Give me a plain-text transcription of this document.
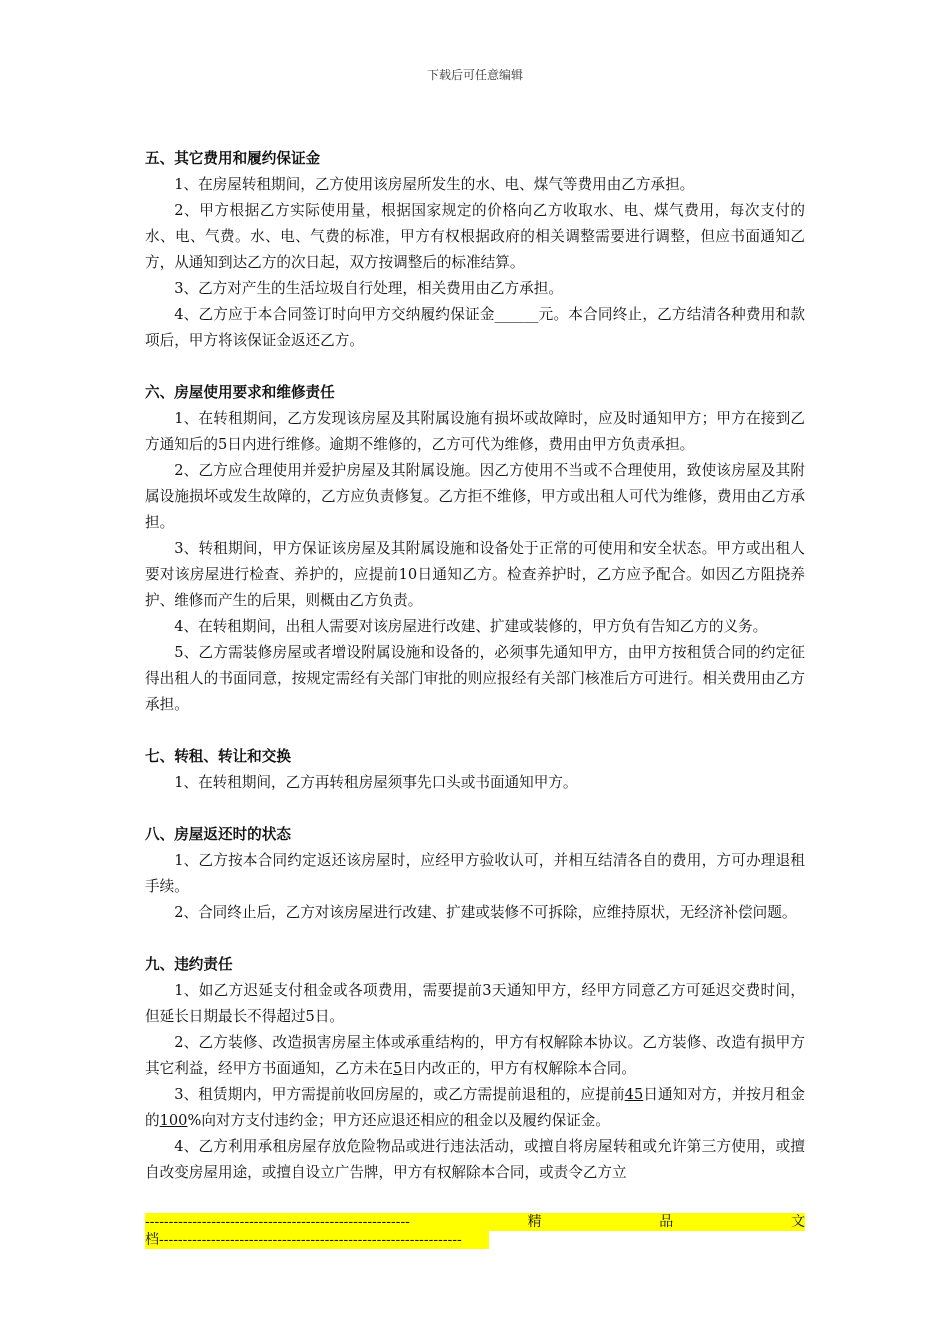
下载后可任意编辑
五、其它费用和履约保证金
1、在房屋转租期间，乙方使用该房屋所发生的水、电、煤气等费用由乙方承担。
2、甲方根据乙方实际使用量，根据国家规定的价格向乙方收取水、电、煤气费用，每次支付的水、电、气费。水、电、气费的标准，甲方有权根据政府的相关调整需要进行调整，但应书面通知乙方，从通知到达乙方的次日起，双方按调整后的标准结算。
3、乙方对产生的生活垃圾自行处理，相关费用由乙方承担。
4、乙方应于本合同签订时向甲方交纳履约保证金______元。本合同终止，乙方结清各种费用和款项后，甲方将该保证金返还乙方。
六、房屋使用要求和维修责任
1、在转租期间，乙方发现该房屋及其附属设施有损坏或故障时，应及时通知甲方；甲方在接到乙方通知后的5日内进行维修。逾期不维修的，乙方可代为维修，费用由甲方负责承担。
2、乙方应合理使用并爱护房屋及其附属设施。因乙方使用不当或不合理使用，致使该房屋及其附属设施损坏或发生故障的，乙方应负责修复。乙方拒不维修，甲方或出租人可代为维修，费用由乙方承担。
3、转租期间，甲方保证该房屋及其附属设施和设备处于正常的可使用和安全状态。甲方或出租人要对该房屋进行检查、养护的，应提前10日通知乙方。检查养护时，乙方应予配合。如因乙方阻挠养护、维修而产生的后果，则概由乙方负责。
4、在转租期间，出租人需要对该房屋进行改建、扩建或装修的，甲方负有告知乙方的义务。
5、乙方需装修房屋或者增设附属设施和设备的，必须事先通知甲方，由甲方按租赁合同的约定征得出租人的书面同意，按规定需经有关部门审批的则应报经有关部门核准后方可进行。相关费用由乙方承担。
七、转租、转让和交换
1、在转租期间，乙方再转租房屋须事先口头或书面通知甲方。
八、房屋返还时的状态
1、乙方按本合同约定返还该房屋时，应经甲方验收认可，并相互结清各自的费用，方可办理退租手续。
2、合同终止后，乙方对该房屋进行改建、扩建或装修不可拆除，应维持原状，无经济补偿问题。
九、违约责任
1、如乙方迟延支付租金或各项费用，需要提前3天通知甲方，经甲方同意乙方可延迟交费时间，但延长日期最长不得超过5日。
2、乙方装修、改造损害房屋主体或承重结构的，甲方有权解除本协议。乙方装修、改造有损甲方其它利益，经甲方书面通知，乙方未在5日内改正的，甲方有权解除本合同。
3、租赁期内，甲方需提前收回房屋的，或乙方需提前退租的，应提前45日通知对方，并按月租金的100%向对方支付违约金；甲方还应退还相应的租金以及履约保证金。
4、乙方利用承租房屋存放危险物品或进行违法活动，或擅自将房屋转租或允许第三方使用，或擅自改变房屋用途，或擅自设立广告牌，甲方有权解除本合同，或责令乙方立
--------------------------------------------------------	精	品	文
档----------------------------------------------------------------
